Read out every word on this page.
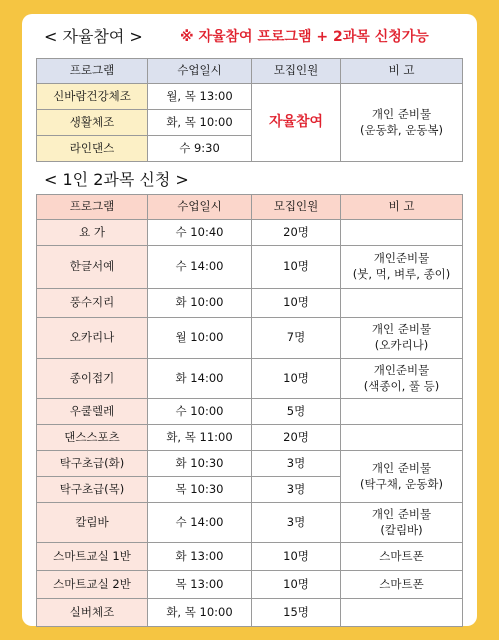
< 자율참여 >	※ 자율참여 프로그램 + 2과목 신청가능
프로그램	수업일시	모집인원	비 고
신바람건강체조	월, 목 13:00	자율참여	개인 준비물
(운동화, 운동복)

생활체조	화, 목 10:00		
라인댄스	수 9:30		
< 1인 2과목 신청 >
프로그램	수업일시	모집인원	비 고
요 가	수 10:40	20명	
한글서예	수 14:00	10명	개인준비물
(붓, 먹, 벼루, 종이)

풍수지리	화 10:00	10명	
오카리나	월 10:00	7명	개인 준비물
(오카리나)

종이접기	화 14:00	10명	개인준비물
(색종이, 풀 등)

우쿨렐레	수 10:00	5명	
댄스스포츠	화, 목 11:00	20명	
탁구초급(화)	화 10:30	3명	개인 준비물
(탁구채, 운동화)

탁구초급(목)	목 10:30	3명	
칼림바	수 14:00	3명	개인 준비물
(칼림바)

스마트교실 1반	화 13:00	10명	스마트폰
스마트교실 2반	목 13:00	10명	스마트폰
실버체조	화, 목 10:00	15명	
